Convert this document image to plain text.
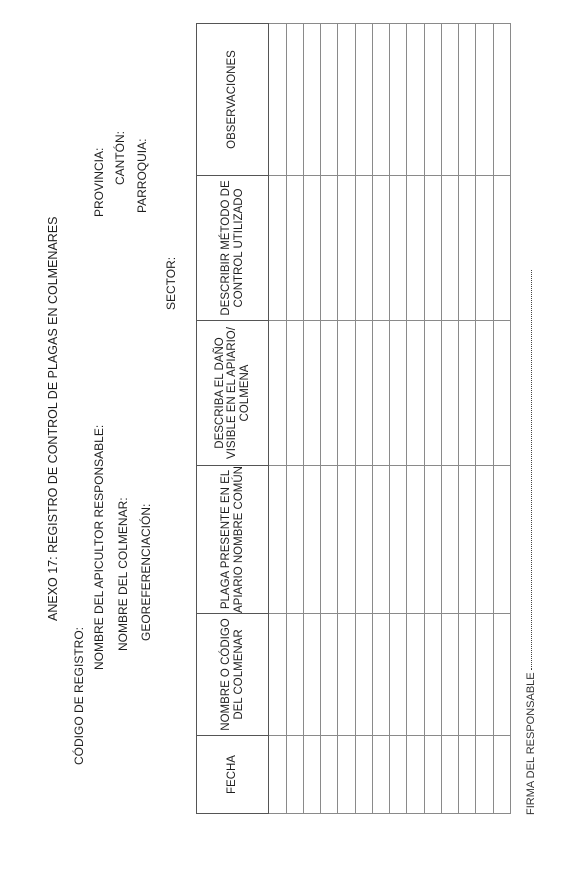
ANEXO 17: REGISTRO DE CONTROL DE PLAGAS EN COLMENARES
CÓDIGO DE REGISTRO:
NOMBRE DEL APICULTOR RESPONSABLE: NOMBRE DEL COLMENAR: GEOREFERENCIACIÓN:
PROVINCIA: CANTÓN: PARROQUIA:
SECTOR:
FECHA	NOMBRE O CÓDIGO DEL COLMENAR	PLAGA PRESENTE EN EL APIARIO NOMBRE COMÚN	DESCRIBA EL DAÑO VISIBLE EN EL APIARIO/ COLMENA	DESCRIBIR MÉTODO DE CONTROL UTILIZADO	OBSERVACIONES

FIRMA DEL RESPONSABLE
